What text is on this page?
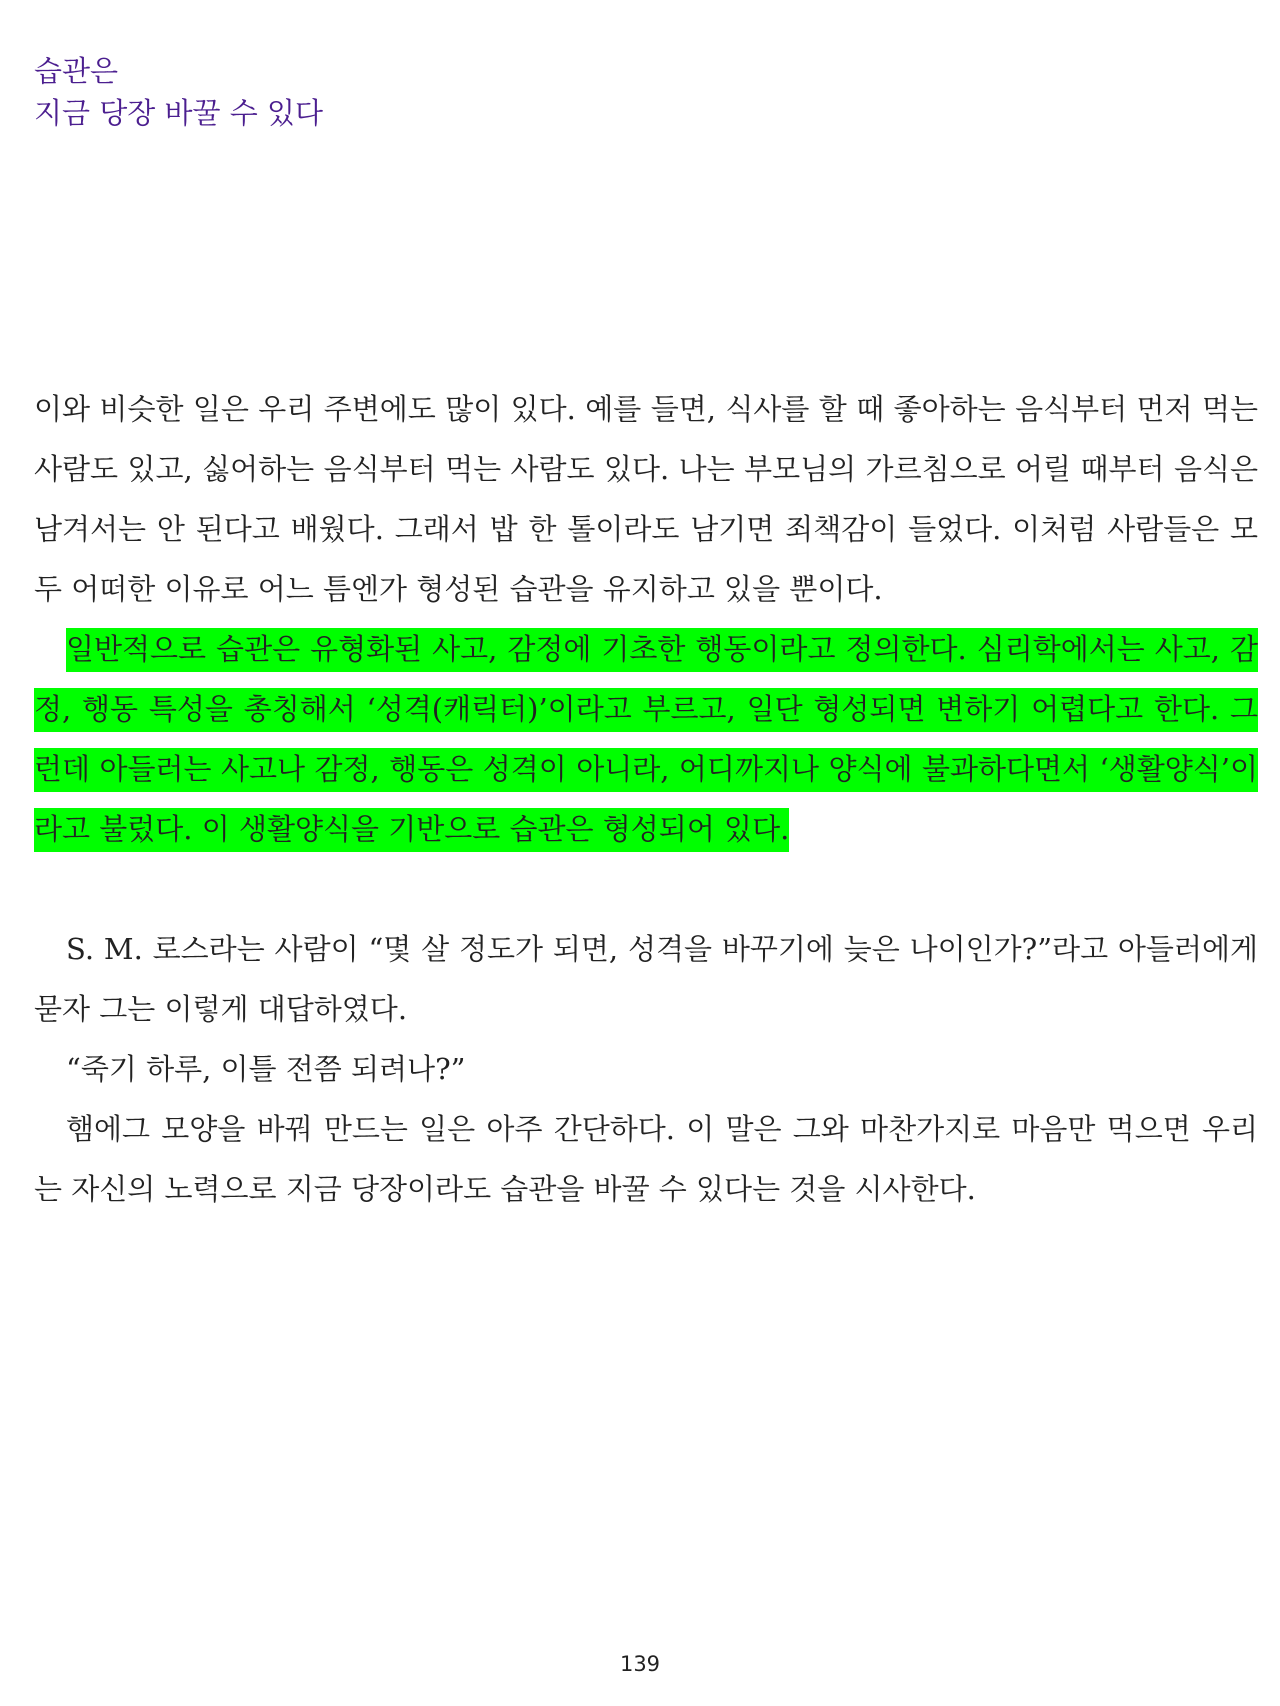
습관은
지금 당장 바꿀 수 있다

이와 비슷한 일은 우리 주변에도 많이 있다. 예를 들면, 식사를 할 때 좋아하는 음식부터 먼저 먹는 사람도 있고, 싫어하는 음식부터 먹는 사람도 있다. 나는 부모님의 가르침으로 어릴 때부터 음식은 남겨서는 안 된다고 배웠다. 그래서 밥 한 톨이라도 남기면 죄책감이 들었다. 이처럼 사람들은 모두 어떠한 이유로 어느 틈엔가 형성된 습관을 유지하고 있을 뿐이다.

일반적으로 습관은 유형화된 사고, 감정에 기초한 행동이라고 정의한다. 심리학에서는 사고, 감정, 행동 특성을 총칭해서 ‘성격(캐릭터)’이라고 부르고, 일단 형성되면 변하기 어렵다고 한다. 그런데 아들러는 사고나 감정, 행동은 성격이 아니라, 어디까지나 양식에 불과하다면서 ‘생활양식’이라고 불렀다. 이 생활양식을 기반으로 습관은 형성되어 있다.

S. M. 로스라는 사람이 “몇 살 정도가 되면, 성격을 바꾸기에 늦은 나이인가?”라고 아들러에게 묻자 그는 이렇게 대답하였다.

“죽기 하루, 이틀 전쯤 되려나?”

햄에그 모양을 바꿔 만드는 일은 아주 간단하다. 이 말은 그와 마찬가지로 마음만 먹으면 우리는 자신의 노력으로 지금 당장이라도 습관을 바꿀 수 있다는 것을 시사한다.

139
